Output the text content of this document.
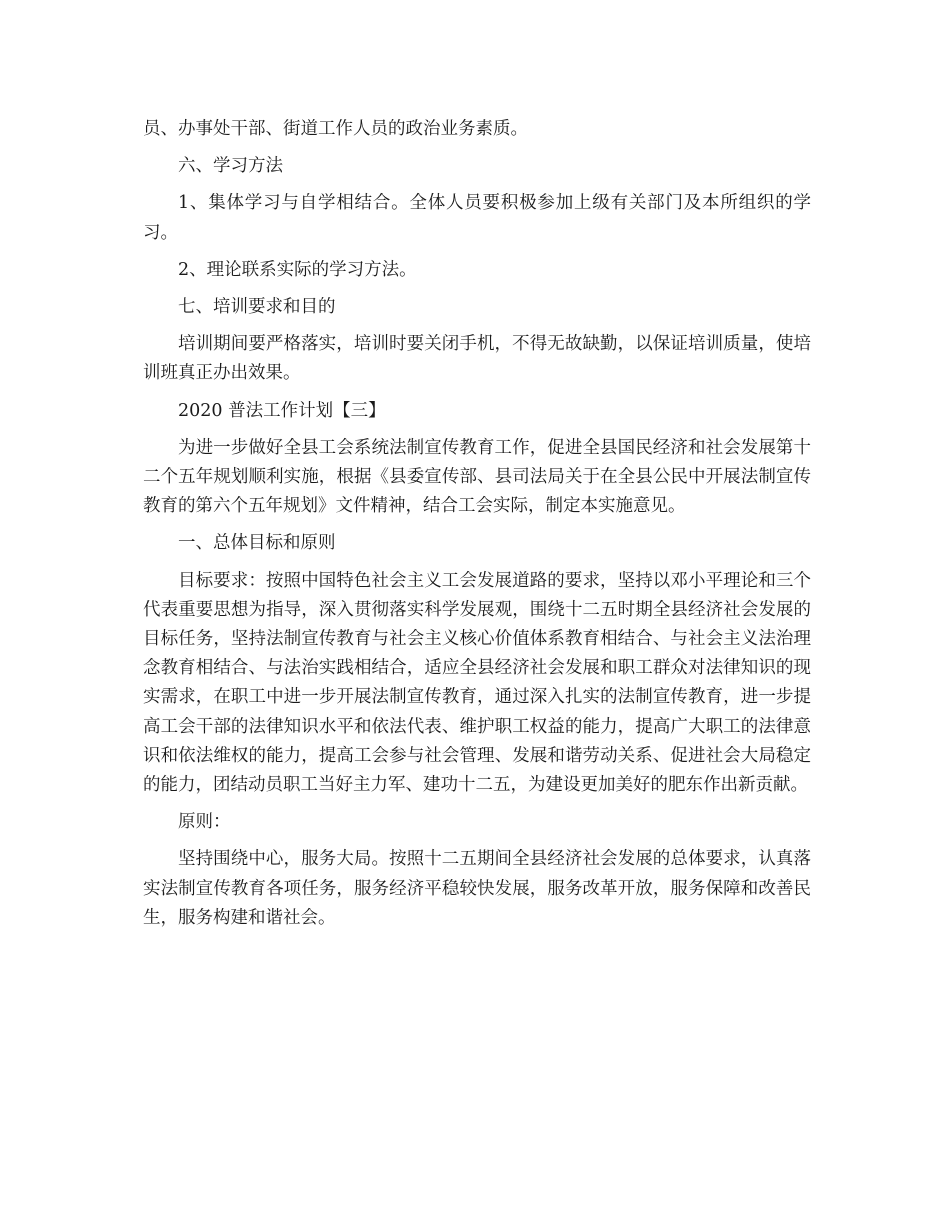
员、办事处干部、街道工作人员的政治业务素质。

六、学习方法

1、集体学习与自学相结合。全体人员要积极参加上级有关部门及本所组织的学习。

2、理论联系实际的学习方法。

七、培训要求和目的

培训期间要严格落实，培训时要关闭手机，不得无故缺勤，以保证培训质量，使培训班真正办出效果。

2020 普法工作计划【三】

为进一步做好全县工会系统法制宣传教育工作，促进全县国民经济和社会发展第十二个五年规划顺利实施，根据《县委宣传部、县司法局关于在全县公民中开展法制宣传教育的第六个五年规划》文件精神，结合工会实际，制定本实施意见。

一、总体目标和原则

目标要求：按照中国特色社会主义工会发展道路的要求，坚持以邓小平理论和三个代表重要思想为指导，深入贯彻落实科学发展观，围绕十二五时期全县经济社会发展的目标任务，坚持法制宣传教育与社会主义核心价值体系教育相结合、与社会主义法治理念教育相结合、与法治实践相结合，适应全县经济社会发展和职工群众对法律知识的现实需求，在职工中进一步开展法制宣传教育，通过深入扎实的法制宣传教育，进一步提高工会干部的法律知识水平和依法代表、维护职工权益的能力，提高广大职工的法律意识和依法维权的能力，提高工会参与社会管理、发展和谐劳动关系、促进社会大局稳定的能力，团结动员职工当好主力军、建功十二五，为建设更加美好的肥东作出新贡献。

原则：

坚持围绕中心，服务大局。按照十二五期间全县经济社会发展的总体要求，认真落实法制宣传教育各项任务，服务经济平稳较快发展，服务改革开放，服务保障和改善民生，服务构建和谐社会。
